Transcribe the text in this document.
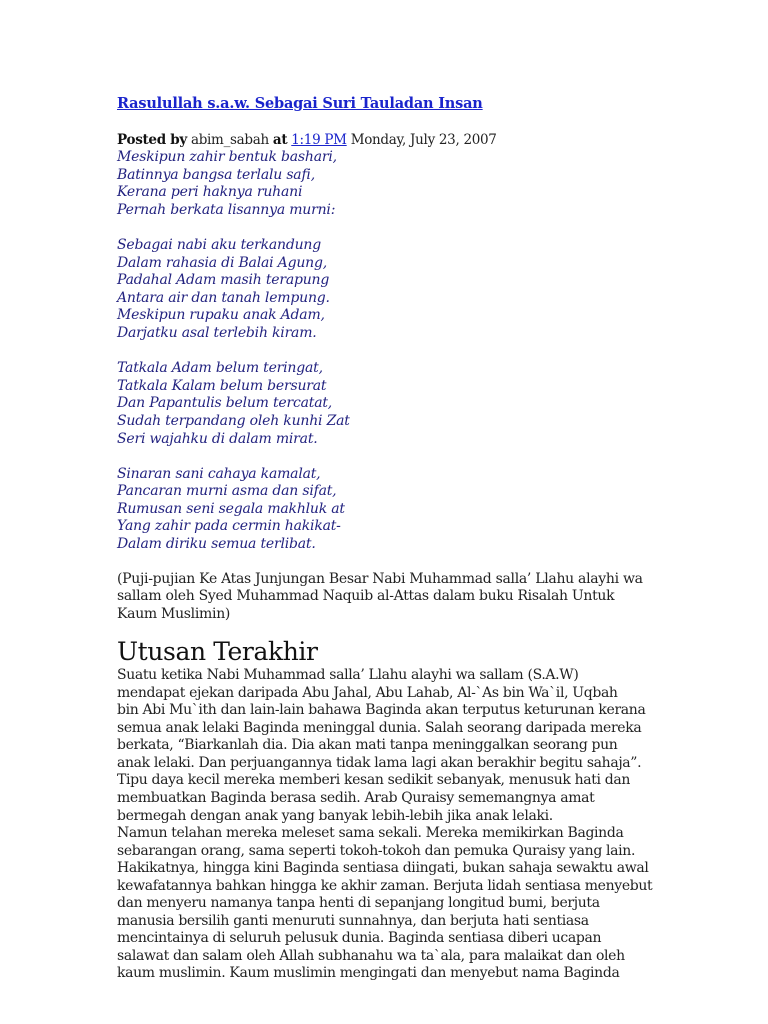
Rasulullah s.a.w. Sebagai Suri Tauladan Insan
Posted by abim_sabah at 1:19 PM Monday, July 23, 2007
Meskipun zahir bentuk bashari,
Batinnya bangsa terlalu safi,
Kerana peri haknya ruhani
Pernah berkata lisannya murni:
Sebagai nabi aku terkandung
Dalam rahasia di Balai Agung,
Padahal Adam masih terapung
Antara air dan tanah lempung.
Meskipun rupaku anak Adam,
Darjatku asal terlebih kiram.
Tatkala Adam belum teringat,
Tatkala Kalam belum bersurat
Dan Papantulis belum tercatat,
Sudah terpandang oleh kunhi Zat
Seri wajahku di dalam mirat.
Sinaran sani cahaya kamalat,
Pancaran murni asma dan sifat,
Rumusan seni segala makhluk at
Yang zahir pada cermin hakikat-
Dalam diriku semua terlibat.

(Puji-pujian Ke Atas Junjungan Besar Nabi Muhammad salla’ Llahu alayhi wa sallam oleh Syed Muhammad Naquib al-Attas dalam buku Risalah Untuk Kaum Muslimin)

Utusan Terakhir

Suatu ketika Nabi Muhammad salla’ Llahu alayhi wa sallam (S.A.W)
mendapat ejekan daripada Abu Jahal, Abu Lahab, Al-`As bin Wa`il, Uqbah
bin Abi Mu`ith dan lain-lain bahawa Baginda akan terputus keturunan kerana
semua anak lelaki Baginda meninggal dunia. Salah seorang daripada mereka
berkata, “Biarkanlah dia. Dia akan mati tanpa meninggalkan seorang pun
anak lelaki. Dan perjuangannya tidak lama lagi akan berakhir begitu sahaja”.
Tipu daya kecil mereka memberi kesan sedikit sebanyak, menusuk hati dan
membuatkan Baginda berasa sedih. Arab Quraisy sememangnya amat
bermegah dengan anak yang banyak lebih-lebih jika anak lelaki.
Namun telahan mereka meleset sama sekali. Mereka memikirkan Baginda
sebarangan orang, sama seperti tokoh-tokoh dan pemuka Quraisy yang lain.
Hakikatnya, hingga kini Baginda sentiasa diingati, bukan sahaja sewaktu awal
kewafatannya bahkan hingga ke akhir zaman. Berjuta lidah sentiasa menyebut
dan menyeru namanya tanpa henti di sepanjang longitud bumi, berjuta
manusia bersilih ganti menuruti sunnahnya, dan berjuta hati sentiasa
mencintainya di seluruh pelusuk dunia. Baginda sentiasa diberi ucapan
salawat dan salam oleh Allah subhanahu wa ta`ala, para malaikat dan oleh
kaum muslimin. Kaum muslimin mengingati dan menyebut nama Baginda
